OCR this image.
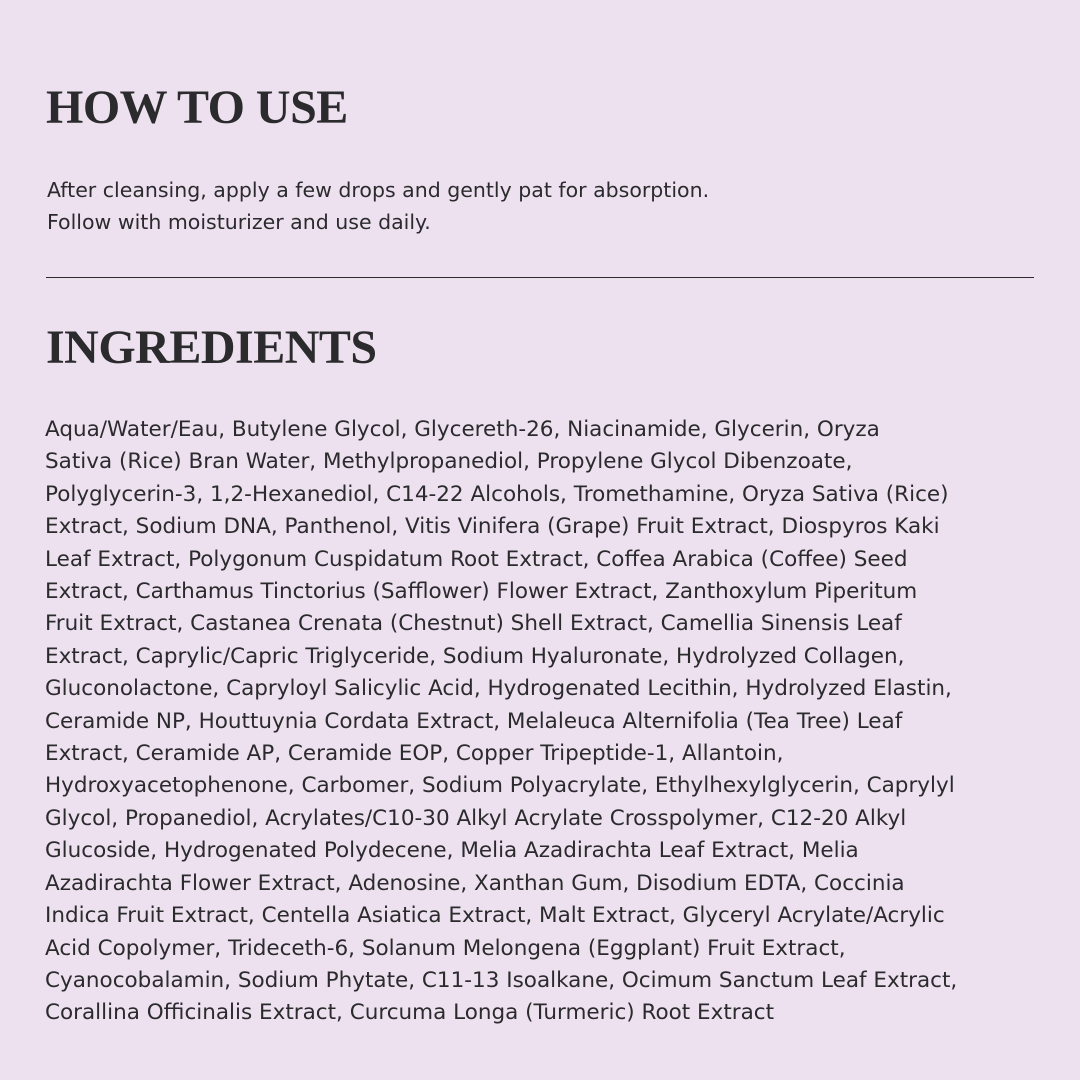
HOW TO USE

After cleansing, apply a few drops and gently pat for absorption.
Follow with moisturizer and use daily.

INGREDIENTS

Aqua/Water/Eau, Butylene Glycol, Glycereth-26, Niacinamide, Glycerin, Oryza
Sativa (Rice) Bran Water, Methylpropanediol, Propylene Glycol Dibenzoate,
Polyglycerin-3, 1,2-Hexanediol, C14-22 Alcohols, Tromethamine, Oryza Sativa (Rice)
Extract, Sodium DNA, Panthenol, Vitis Vinifera (Grape) Fruit Extract, Diospyros Kaki
Leaf Extract, Polygonum Cuspidatum Root Extract, Coffea Arabica (Coffee) Seed
Extract, Carthamus Tinctorius (Safflower) Flower Extract, Zanthoxylum Piperitum
Fruit Extract, Castanea Crenata (Chestnut) Shell Extract, Camellia Sinensis Leaf
Extract, Caprylic/Capric Triglyceride, Sodium Hyaluronate, Hydrolyzed Collagen,
Gluconolactone, Capryloyl Salicylic Acid, Hydrogenated Lecithin, Hydrolyzed Elastin,
Ceramide NP, Houttuynia Cordata Extract, Melaleuca Alternifolia (Tea Tree) Leaf
Extract, Ceramide AP, Ceramide EOP, Copper Tripeptide-1, Allantoin,
Hydroxyacetophenone, Carbomer, Sodium Polyacrylate, Ethylhexylglycerin, Caprylyl
Glycol, Propanediol, Acrylates/C10-30 Alkyl Acrylate Crosspolymer, C12-20 Alkyl
Glucoside, Hydrogenated Polydecene, Melia Azadirachta Leaf Extract, Melia
Azadirachta Flower Extract, Adenosine, Xanthan Gum, Disodium EDTA, Coccinia
Indica Fruit Extract, Centella Asiatica Extract, Malt Extract, Glyceryl Acrylate/Acrylic
Acid Copolymer, Trideceth-6, Solanum Melongena (Eggplant) Fruit Extract,
Cyanocobalamin, Sodium Phytate, C11-13 Isoalkane, Ocimum Sanctum Leaf Extract,
Corallina Officinalis Extract, Curcuma Longa (Turmeric) Root Extract
